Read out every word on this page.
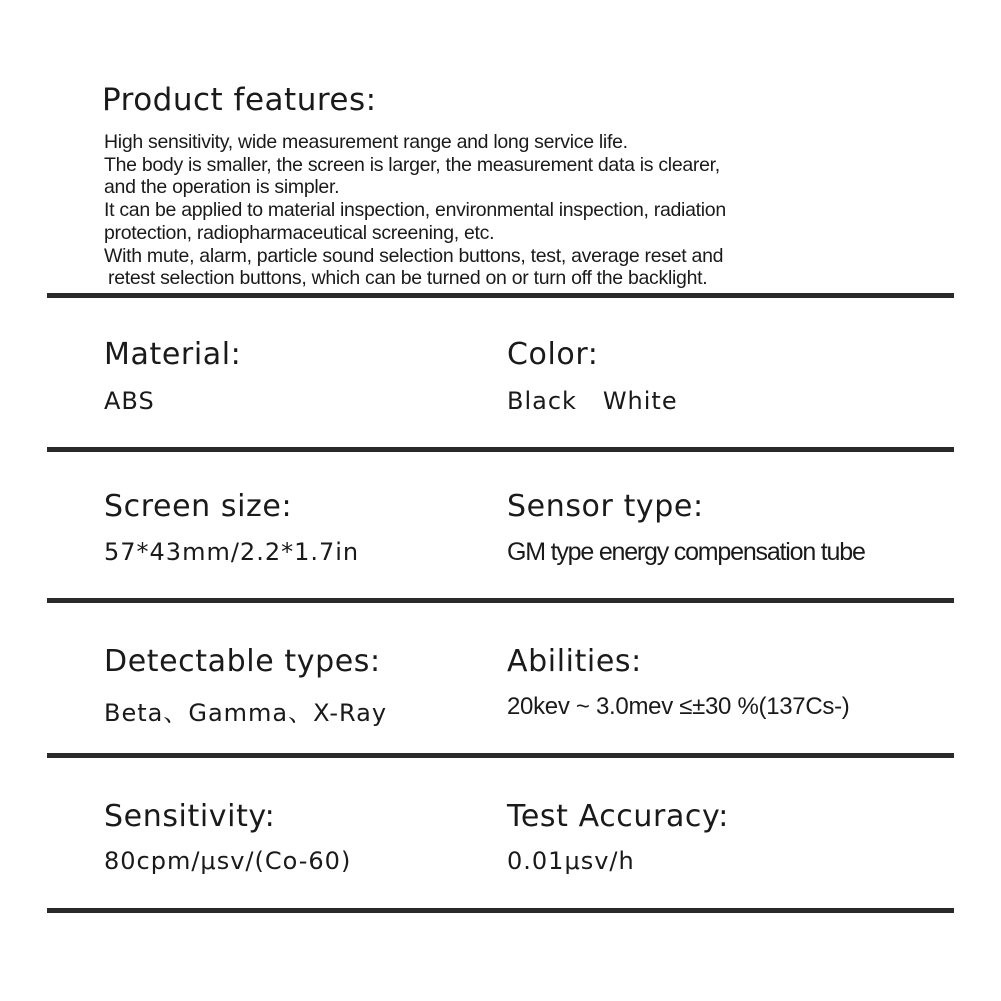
Product features:
High sensitivity, wide measurement range and long service life.
The body is smaller, the screen is larger, the measurement data is clearer,
and the operation is simpler.
It can be applied to material inspection, environmental inspection, radiation
protection, radiopharmaceutical screening, etc.
With mute, alarm, particle sound selection buttons, test, average reset and
retest selection buttons, which can be turned on or turn off the backlight.
Material:
ABS
Color:
Black   White
Screen size:
57*43mm/2.2*1.7in
Sensor type:
GM type energy compensation tube
Detectable types:
Beta、Gamma、X-Ray
Abilities:
20kev ~ 3.0mev ≤±30 %(137Cs-)
Sensitivity:
80cpm/μsv/(Co-60)
Test Accuracy:
0.01μsv/h
